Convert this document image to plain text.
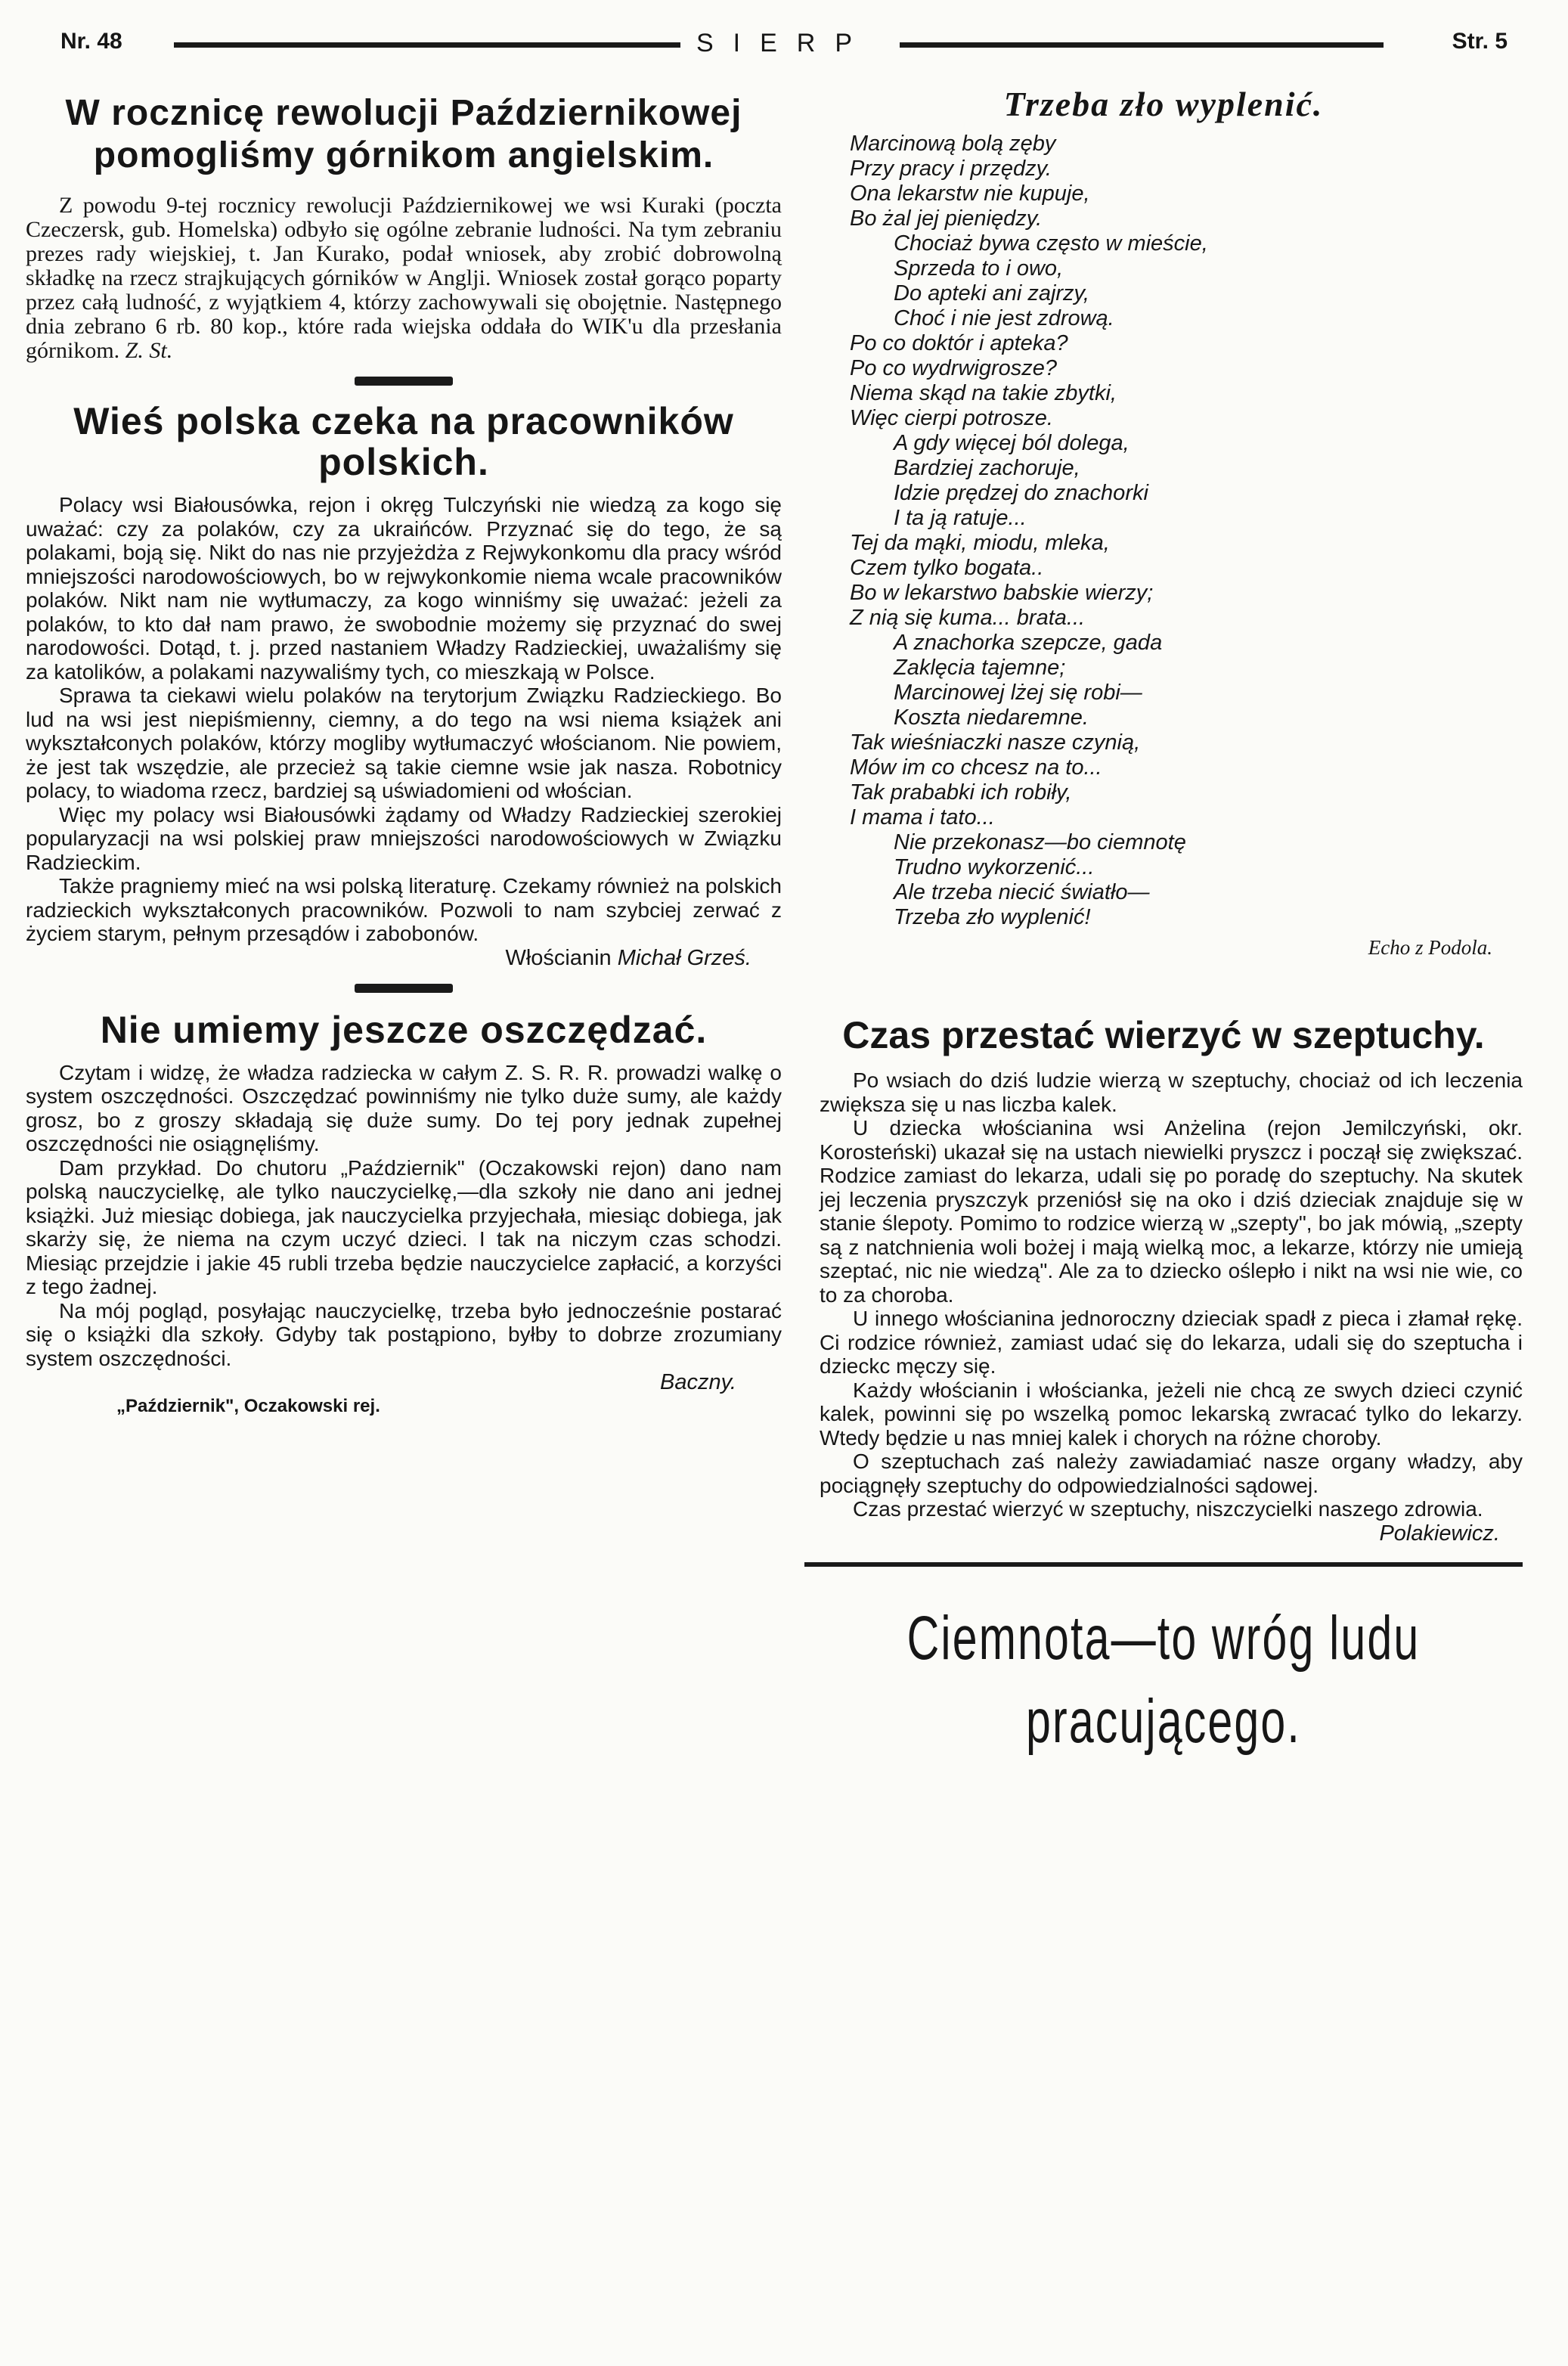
Nr. 48	SIERP	Str. 5
W rocznicę rewolucji Październikowej pomogliśmy górnikom angielskim.

Z powodu 9-tej rocznicy rewolucji Październikowej we wsi Kuraki (poczta Czeczersk, gub. Homelska) odbyło się ogólne zebranie ludności. Na tym zebraniu prezes rady wiejskiej, t. Jan Kurako, podał wniosek, aby zrobić dobrowolną składkę na rzecz strajkujących górników w Anglji. Wniosek został gorąco poparty przez całą ludność, z wyjątkiem 4, którzy zachowywali się obojętnie. Następnego dnia zebrano 6 rb. 80 kop., które rada wiejska oddała do WIK'u dla przesłania górnikom. Z. St.

Wieś polska czeka na pracowników polskich.

Polacy wsi Białousówka, rejon i okręg Tulczyński nie wiedzą za kogo się uważać: czy za polaków, czy za ukraińców. Przyznać się do tego, że są polakami, boją się. Nikt do nas nie przyjeżdża z Rejwykonkomu dla pracy wśród mniejszości narodowościowych, bo w rejwykonkomie niema wcale pracowników polaków. Nikt nam nie wytłumaczy, za kogo winniśmy się uważać: jeżeli za polaków, to kto dał nam prawo, że swobodnie możemy się przyznać do swej narodowości. Dotąd, t. j. przed nastaniem Władzy Radzieckiej, uważaliśmy się za katolików, a polakami nazywaliśmy tych, co mieszkają w Polsce.

Sprawa ta ciekawi wielu polaków na terytorjum Związku Radzieckiego. Bo lud na wsi jest niepiśmienny, ciemny, a do tego na wsi niema książek ani wykształconych polaków, którzy mogliby wytłumaczyć włościanom. Nie powiem, że jest tak wszędzie, ale przecież są takie ciemne wsie jak nasza. Robotnicy polacy, to wiadoma rzecz, bardziej są uświadomieni od włościan.

Więc my polacy wsi Białousówki żądamy od Władzy Radzieckiej szerokiej popularyzacji na wsi polskiej praw mniejszości narodowościowych w Związku Radzieckim.

Także pragniemy mieć na wsi polską literaturę. Czekamy również na polskich radzieckich wykształconych pracowników. Pozwoli to nam szybciej zerwać z życiem starym, pełnym przesądów i zabobonów.

Włościanin
Michał Grześ.
Nie umiemy jeszcze oszczędzać.

Czytam i widzę, że władza radziecka w całym Z. S. R. R. prowadzi walkę o system oszczędności. Oszczędzać powinniśmy nie tylko duże sumy, ale każdy grosz, bo z groszy składają się duże sumy. Do tej pory jednak zupełnej oszczędności nie osiągnęliśmy.

Dam przykład. Do chutoru „Październik" (Oczakowski rejon) dano nam polską nauczycielkę, ale tylko nauczycielkę,—dla szkoły nie dano ani jednej książki. Już miesiąc dobiega, jak nauczycielka przyjechała, miesiąc dobiega, jak skarży się, że niema na czym uczyć dzieci. I tak na niczym czas schodzi. Miesiąc przejdzie i jakie 45 rubli trzeba będzie nauczycielce zapłacić, a korzyści z tego żadnej.

Na mój pogląd, posyłając nauczycielkę, trzeba było jednocześnie postarać się o książki dla szkoły. Gdyby tak postąpiono, byłby to dobrze zrozumiany system oszczędności.

Baczny.
„Październik", Oczakowski rej.
Trzeba zło wyplenić.
Marcinową bolą zęby
Przy pracy i przędzy.
Ona lekarstw nie kupuje,
Bo żal jej pieniędzy.
Chociaż bywa często w mieście,
Sprzeda to i owo,
Do apteki ani zajrzy,
Choć i nie jest zdrową.
Po co doktór i apteka?
Po co wydrwigrosze?
Niema skąd na takie zbytki,
Więc cierpi potrosze.
A gdy więcej ból dolega,
Bardziej zachoruje,
Idzie prędzej do znachorki
I ta ją ratuje...
Tej da mąki, miodu, mleka,
Czem tylko bogata..
Bo w lekarstwo babskie wierzy;
Z nią się kuma... brata...
A znachorka szepcze, gada
Zaklęcia tajemne;
Marcinowej lżej się robi—
Koszta niedaremne.
Tak wieśniaczki nasze czynią,
Mów im co chcesz na to...
Tak prababki ich robiły,
I mama i tato...
Nie przekonasz—bo ciemnotę
Trudno wykorzenić...
Ale trzeba niecić światło—
Trzeba zło wyplenić!

Echo z Podola.

Czas przestać wierzyć w szeptuchy.

Po wsiach do dziś ludzie wierzą w szeptuchy, chociaż od ich leczenia zwiększa się u nas liczba kalek.

U dziecka włościanina wsi Anżelina (rejon Jemilczyński, okr. Korosteński) ukazał się na ustach niewielki pryszcz i począł się zwiększać. Rodzice zamiast do lekarza, udali się po poradę do szeptuchy. Na skutek jej leczenia pryszczyk przeniósł się na oko i dziś dzieciak znajduje się w stanie ślepoty. Pomimo to rodzice wierzą w „szepty", bo jak mówią, „szepty są z natchnienia woli bożej i mają wielką moc, a lekarze, którzy nie umieją szeptać, nic nie wiedzą". Ale za to dziecko oślepło i nikt na wsi nie wie, co to za choroba.

U innego włościanina jednoroczny dzieciak spadł z pieca i złamał rękę. Ci rodzice również, zamiast udać się do lekarza, udali się do szeptucha i dzieckc męczy się.

Każdy włościanin i włościanka, jeżeli nie chcą ze swych dzieci czynić kalek, powinni się po wszelką pomoc lekarską zwracać tylko do lekarzy. Wtedy będzie u nas mniej kalek i chorych na różne choroby.

O szeptuchach zaś należy zawiadamiać nasze organy władzy, aby pociągnęły szeptuchy do odpowiedzialności sądowej.

Czas przestać wierzyć w szeptuchy, niszczycielki naszego zdrowia.

Polakiewicz.

Ciemnota—to wróg ludu

pracującego.
